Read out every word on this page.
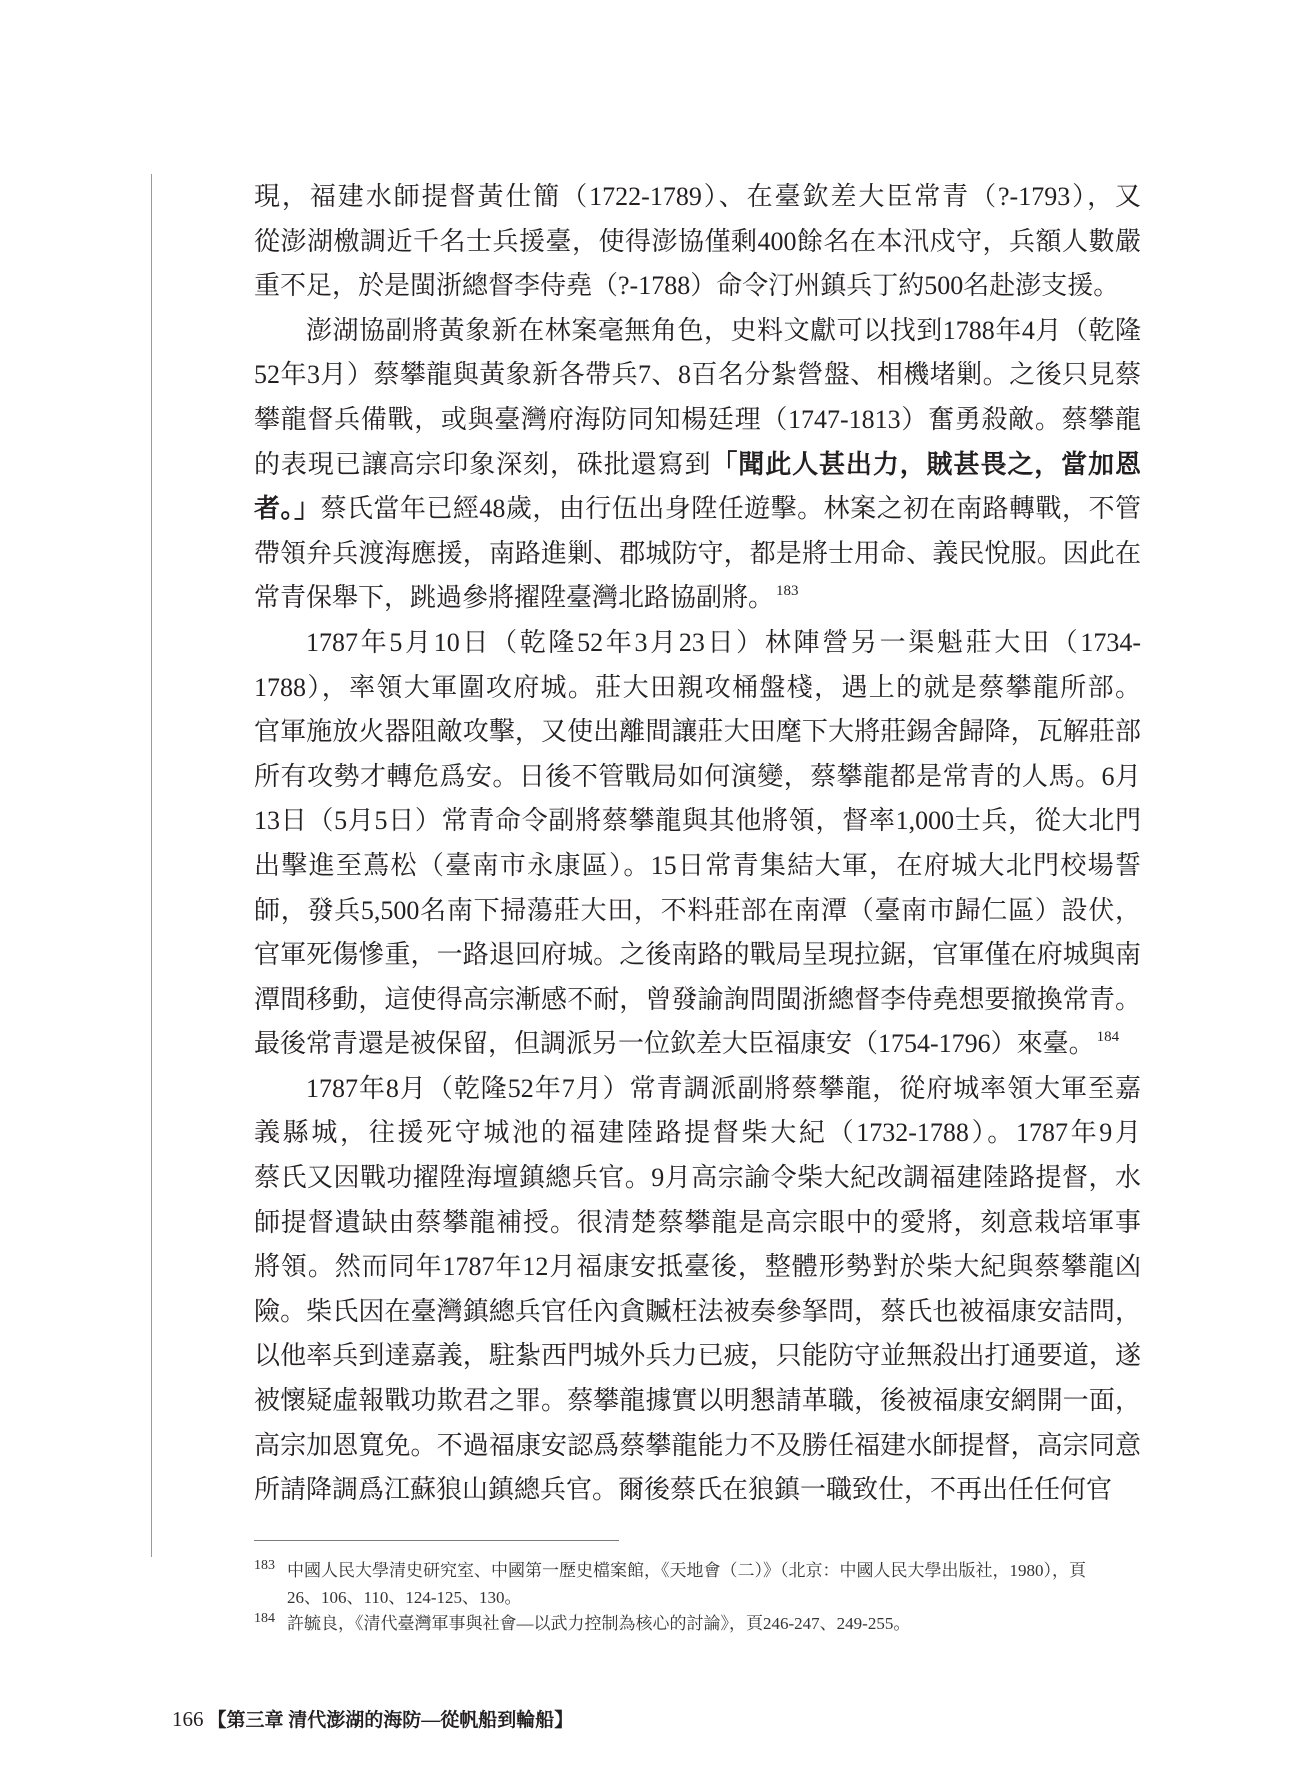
現，福建水師提督黃仕簡（1722-1789）、在臺欽差大臣常青（?-1793），又
從澎湖檄調近千名士兵援臺，使得澎協僅剩400餘名在本汛戍守，兵額人數嚴
重不足，於是閩浙總督李侍堯（?-1788）命令汀州鎮兵丁約500名赴澎支援。
澎湖協副將黃象新在林案毫無角色，史料文獻可以找到1788年4月（乾隆
52年3月）蔡攀龍與黃象新各帶兵7、8百名分紮營盤、相機堵剿。之後只見蔡
攀龍督兵備戰，或與臺灣府海防同知楊廷理（1747-1813）奮勇殺敵。蔡攀龍
的表現已讓高宗印象深刻，硃批還寫到「聞此人甚出力，賊甚畏之，當加恩
者。」蔡氏當年已經48歲，由行伍出身陞任遊擊。林案之初在南路轉戰，不管
帶領弁兵渡海應援，南路進剿、郡城防守，都是將士用命、義民悅服。因此在
常青保舉下，跳過參將擢陞臺灣北路協副將。 $^{183}$
1787年5月10日（乾隆52年3月23日）林陣營另一渠魁莊大田（1734-
1788），率領大軍圍攻府城。莊大田親攻桶盤棧，遇上的就是蔡攀龍所部。
官軍施放火器阻敵攻擊，又使出離間讓莊大田麾下大將莊錫舍歸降，瓦解莊部
所有攻勢才轉危爲安。日後不管戰局如何演變，蔡攀龍都是常青的人馬。6月
13日（5月5日）常青命令副將蔡攀龍與其他將領，督率1,000士兵，從大北門
出擊進至蔦松（臺南市永康區）。15日常青集結大軍，在府城大北門校場誓
師，發兵5,500名南下掃蕩莊大田，不料莊部在南潭（臺南市歸仁區）設伏，
官軍死傷慘重，一路退回府城。之後南路的戰局呈現拉鋸，官軍僅在府城與南
潭間移動，這使得高宗漸感不耐，曾發諭詢問閩浙總督李侍堯想要撤換常青。
最後常青還是被保留，但調派另一位欽差大臣福康安（1754-1796）來臺。 $^{184}$
1787年8月（乾隆52年7月）常青調派副將蔡攀龍，從府城率領大軍至嘉
義縣城，往援死守城池的福建陸路提督柴大紀（1732-1788）。1787年9月
蔡氏又因戰功擢陞海壇鎮總兵官。9月高宗諭令柴大紀改調福建陸路提督，水
師提督遺缺由蔡攀龍補授。很清楚蔡攀龍是高宗眼中的愛將，刻意栽培軍事
將領。然而同年1787年12月福康安抵臺後，整體形勢對於柴大紀與蔡攀龍凶
險。柴氏因在臺灣鎮總兵官任內貪贓枉法被奏參拏問，蔡氏也被福康安詰問，
以他率兵到達嘉義，駐紮西門城外兵力已疲，只能防守並無殺出打通要道，遂
被懷疑虛報戰功欺君之罪。蔡攀龍據實以明懇請革職，後被福康安網開一面，
高宗加恩寬免。不過福康安認爲蔡攀龍能力不及勝任福建水師提督，高宗同意
所請降調爲江蘇狼山鎮總兵官。爾後蔡氏在狼鎮一職致仕，不再出任任何官
183 中國人民大學清史研究室、中國第一歷史檔案館，《天地會（二）》（北京：中國人民大學出版社，1980），頁
26、106、110、124-125、130。
184 許毓良，《清代臺灣軍事與社會—以武力控制為核心的討論》，頁246-247、249-255。
166 【第三章 清代澎湖的海防—從帆船到輪船】
